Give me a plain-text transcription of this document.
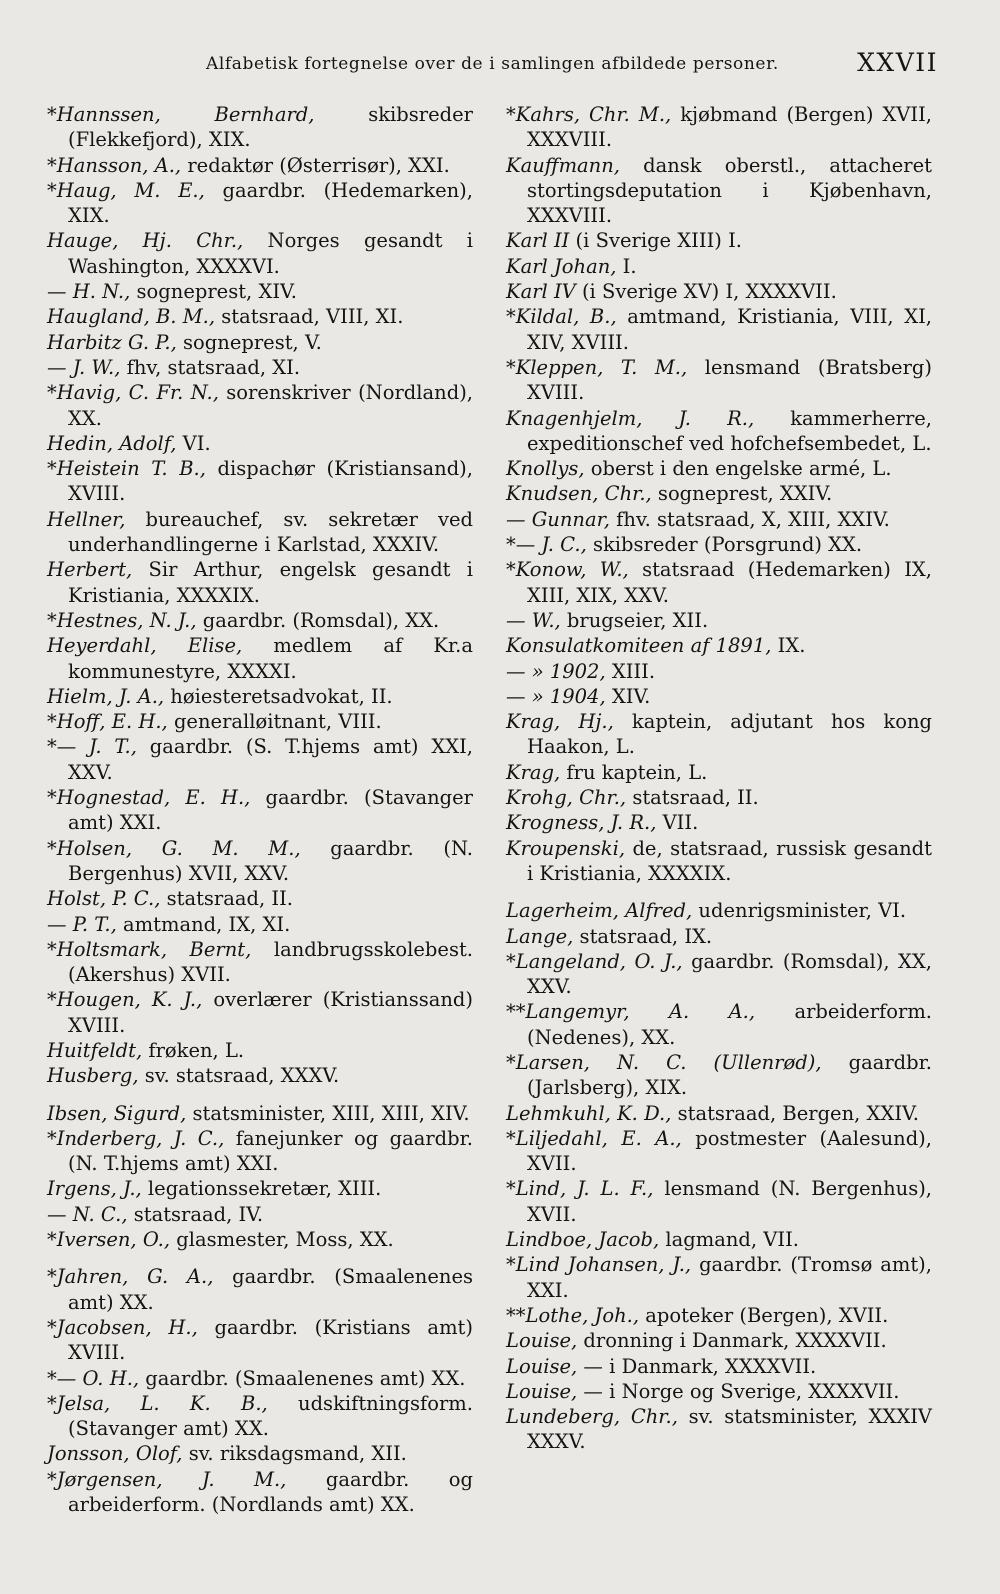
Alfabetisk fortegnelse over de i samlingen afbildede personer.	XXVII
*Hannssen, Bernhard, skibsreder (Flekkefjord), XIX.
*Hansson, A., redaktør (Østerrisør), XXI.
*Haug, M. E., gaardbr. (Hedemarken), XIX.
Hauge, Hj. Chr., Norges gesandt i Washington, XXXXVI.
— H. N., sogneprest, XIV.
Haugland, B. M., statsraad, VIII, XI.
Harbitz G. P., sogneprest, V.
— J. W., fhv, statsraad, XI.
*Havig, C. Fr. N., sorenskriver (Nordland), XX.
Hedin, Adolf, VI.
*Heistein T. B., dispachør (Kristiansand), XVIII.
Hellner, bureauchef, sv. sekretær ved underhandlingerne i Karlstad, XXXIV.
Herbert, Sir Arthur, engelsk gesandt i Kristiania, XXXXIX.
*Hestnes, N. J., gaardbr. (Romsdal), XX.
Heyerdahl, Elise, medlem af Kr.a kommunestyre, XXXXI.
Hielm, J. A., høiesteretsadvokat, II.
*Hoff, E. H., generalløitnant, VIII.
*— J. T., gaardbr. (S. T.hjems amt) XXI, XXV.
*Hognestad, E. H., gaardbr. (Stavanger amt) XXI.
*Holsen, G. M. M., gaardbr. (N. Bergenhus) XVII, XXV.
Holst, P. C., statsraad, II.
— P. T., amtmand, IX, XI.
*Holtsmark, Bernt, landbrugsskolebest. (Akershus) XVII.
*Hougen, K. J., overlærer (Kristianssand) XVIII.
Huitfeldt, frøken, L.
Husberg, sv. statsraad, XXXV.
Ibsen, Sigurd, statsminister, XIII, XIII, XIV.
*Inderberg, J. C., fanejunker og gaardbr. (N. T.hjems amt) XXI.
Irgens, J., legationssekretær, XIII.
— N. C., statsraad, IV.
*Iversen, O., glasmester, Moss, XX.
*Jahren, G. A., gaardbr. (Smaalenenes amt) XX.
*Jacobsen, H., gaardbr. (Kristians amt) XVIII.
*— O. H., gaardbr. (Smaalenenes amt) XX.
*Jelsa, L. K. B., udskiftningsform. (Stavanger amt) XX.
Jonsson, Olof, sv. riksdagsmand, XII.
*Jørgensen, J. M., gaardbr. og arbeiderform. (Nordlands amt) XX.
*Kahrs, Chr. M., kjøbmand (Bergen) XVII, XXXVIII.
Kauffmann, dansk oberstl., attacheret stortingsdeputation i Kjøbenhavn, XXXVIII.
Karl II (i Sverige XIII) I.
Karl Johan, I.
Karl IV (i Sverige XV) I, XXXXVII.
*Kildal, B., amtmand, Kristiania, VIII, XI, XIV, XVIII.
*Kleppen, T. M., lensmand (Bratsberg) XVIII.
Knagenhjelm, J. R., kammerherre, expeditionschef ved hofchefsembedet, L.
Knollys, oberst i den engelske armé, L.
Knudsen, Chr., sogneprest, XXIV.
— Gunnar, fhv. statsraad, X, XIII, XXIV.
*— J. C., skibsreder (Porsgrund) XX.
*Konow, W., statsraad (Hedemarken) IX, XIII, XIX, XXV.
— W., brugseier, XII.
Konsulatkomiteen af 1891, IX.
— » 1902, XIII.
— » 1904, XIV.
Krag, Hj., kaptein, adjutant hos kong Haakon, L.
Krag, fru kaptein, L.
Krohg, Chr., statsraad, II.
Krogness, J. R., VII.
Kroupenski, de, statsraad, russisk gesandt i Kristiania, XXXXIX.
Lagerheim, Alfred, udenrigsminister, VI.
Lange, statsraad, IX.
*Langeland, O. J., gaardbr. (Romsdal), XX, XXV.
**Langemyr, A. A., arbeiderform. (Nedenes), XX.
*Larsen, N. C. (Ullenrød), gaardbr. (Jarlsberg), XIX.
Lehmkuhl, K. D., statsraad, Bergen, XXIV.
*Liljedahl, E. A., postmester (Aalesund), XVII.
*Lind, J. L. F., lensmand (N. Bergenhus), XVII.
Lindboe, Jacob, lagmand, VII.
*Lind Johansen, J., gaardbr. (Tromsø amt), XXI.
**Lothe, Joh., apoteker (Bergen), XVII.
Louise, dronning i Danmark, XXXXVII.
Louise, — i Danmark, XXXXVII.
Louise, — i Norge og Sverige, XXXXVII.
Lundeberg, Chr., sv. statsminister, XXXIV XXXV.
